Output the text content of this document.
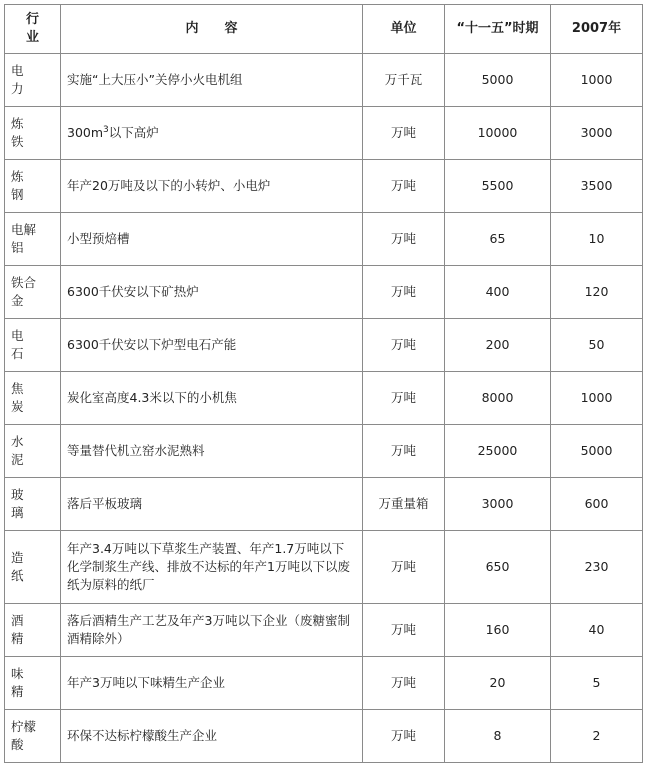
行
业	内　　容	单位	“十一五”时期	2007年
电
力	实施“上大压小”关停小火电机组	万千瓦	5000	1000
炼
铁	$300m^3$以下高炉	万吨	10000	3000
炼
钢	年产20万吨及以下的小转炉、小电炉	万吨	5500	3500
电解
铝	小型预焙槽	万吨	65	10
铁合
金	6300千伏安以下矿热炉	万吨	400	120
电
石	6300千伏安以下炉型电石产能	万吨	200	50
焦
炭	炭化室高度4.3米以下的小机焦	万吨	8000	1000
水
泥	等量替代机立窑水泥熟料	万吨	25000	5000
玻
璃	落后平板玻璃	万重量箱	3000	600
造
纸	年产3.4万吨以下草浆生产装置、年产1.7万吨以下化学制浆生产线、排放不达标的年产1万吨以下以废纸为原料的纸厂	万吨	650	230
酒
精	落后酒精生产工艺及年产3万吨以下企业（废糖蜜制酒精除外）	万吨	160	40
味
精	年产3万吨以下味精生产企业	万吨	20	5
柠檬
酸	环保不达标柠檬酸生产企业	万吨	8	2
